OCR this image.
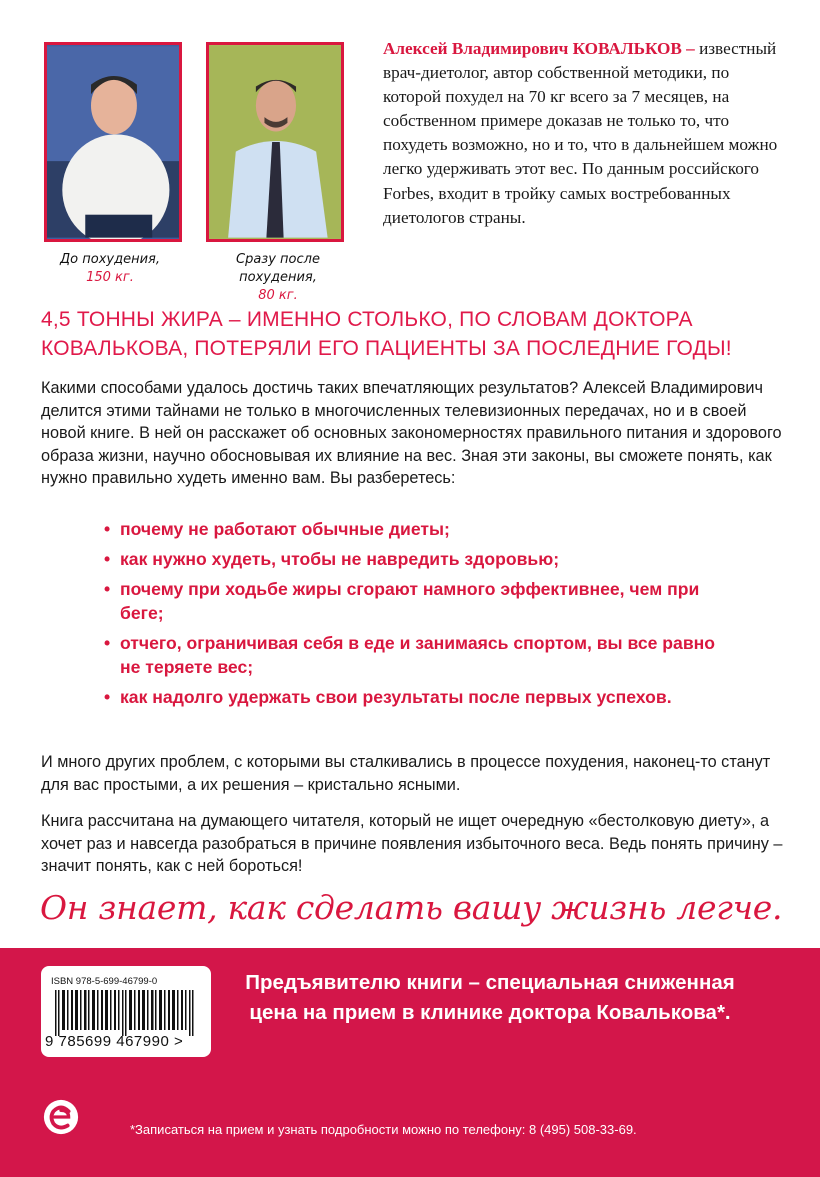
До похудения,
150 кг.
Сразу после похудения,
80 кг.
Алексей Владимирович КОВАЛЬКОВ – известный врач-диетолог, автор собственной методики, по которой похудел на 70 кг всего за 7 месяцев, на собственном примере доказав не только то, что похудеть возможно, но и то, что в дальнейшем можно легко удерживать этот вес. По данным российского Forbes, входит в тройку самых востребованных диетологов страны.
4,5 ТОННЫ ЖИРА – ИМЕННО СТОЛЬКО, ПО СЛОВАМ ДОКТОРА КОВАЛЬКОВА, ПОТЕРЯЛИ ЕГО ПАЦИЕНТЫ ЗА ПОСЛЕДНИЕ ГОДЫ!
Какими способами удалось достичь таких впечатляющих результатов? Алексей Владимирович делится этими тайнами не только в многочисленных телевизионных передачах, но и в своей новой книге. В ней он расскажет об основных закономерностях правильного питания и здорового образа жизни, научно обосновывая их влияние на вес. Зная эти законы, вы сможете понять, как нужно правильно худеть именно вам. Вы разберетесь:
• почему не работают обычные диеты;
• как нужно худеть, чтобы не навредить здоровью;
• почему при ходьбе жиры сгорают намного эффективнее, чем при беге;
• отчего, ограничивая себя в еде и занимаясь спортом, вы все равно не теряете вес;
• как надолго удержать свои результаты после первых успехов.
И много других проблем, с которыми вы сталкивались в процессе похудения, наконец-то станут для вас простыми, а их решения – кристально ясными.
Книга рассчитана на думающего читателя, который не ищет очередную «бестолковую диету», а хочет раз и навсегда разобраться в причине появления избыточного веса. Ведь понять причину – значит понять, как с ней бороться!
Он знает, как сделать вашу жизнь легче.
ISBN 978-5-699-46799-0
9 785699 467990 >
Предъявителю книги – специальная сниженная цена на прием в клинике доктора Ковалькова*.
*Записаться на прием и узнать подробности можно по телефону: 8 (495) 508-33-69.
